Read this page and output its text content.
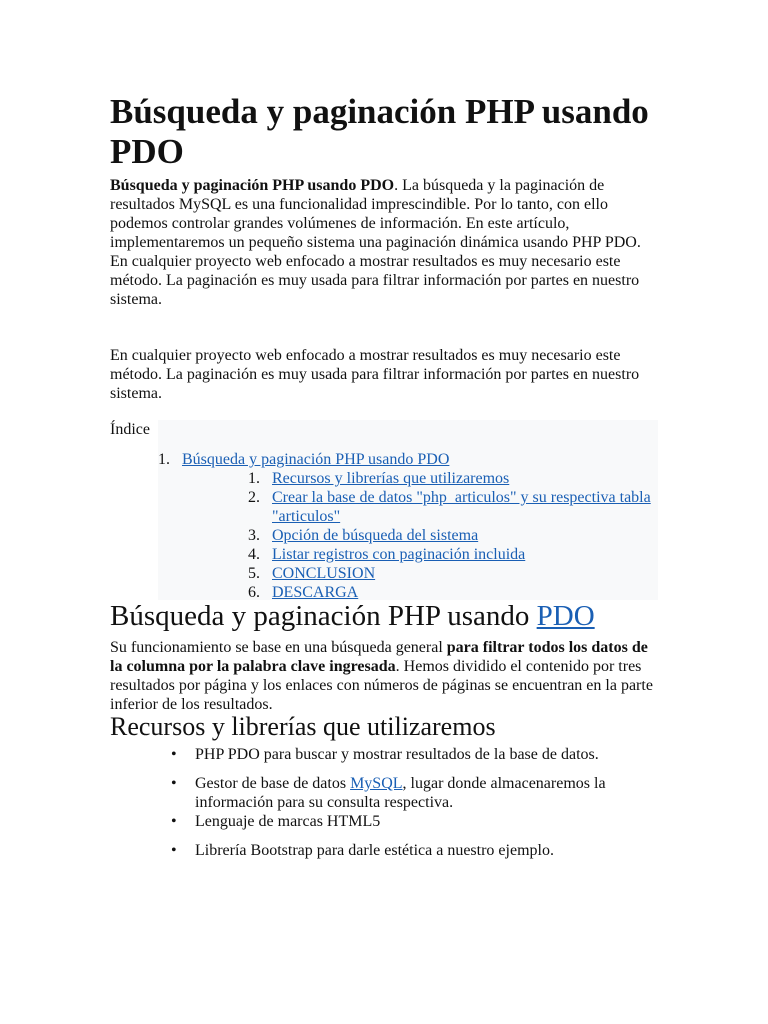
Búsqueda y paginación PHP usando PDO

Búsqueda y paginación PHP usando PDO. La búsqueda y la paginación de resultados MySQL es una funcionalidad imprescindible. Por lo tanto, con ello podemos controlar grandes volúmenes de información. En este artículo, implementaremos un pequeño sistema una paginación dinámica usando PHP PDO.
En cualquier proyecto web enfocado a mostrar resultados es muy necesario este método. La paginación es muy usada para filtrar información por partes en nuestro sistema.

En cualquier proyecto web enfocado a mostrar resultados es muy necesario este método. La paginación es muy usada para filtrar información por partes en nuestro sistema.

Índice
1. Búsqueda y paginación PHP usando PDO
1. Recursos y librerías que utilizaremos
2. Crear la base de datos "php_articulos" y su respectiva tabla "articulos"
3. Opción de búsqueda del sistema
4. Listar registros con paginación incluida
5. CONCLUSION
6. DESCARGA
Búsqueda y paginación PHP usando PDO

Su funcionamiento se base en una búsqueda general para filtrar todos los datos de la columna por la palabra clave ingresada. Hemos dividido el contenido por tres resultados por página y los enlaces con números de páginas se encuentran en la parte inferior de los resultados.

Recursos y librerías que utilizaremos
• PHP PDO para buscar y mostrar resultados de la base de datos.
• Gestor de base de datos MySQL, lugar donde almacenaremos la información para su consulta respectiva.
• Lenguaje de marcas HTML5
• Librería Bootstrap para darle estética a nuestro ejemplo.
